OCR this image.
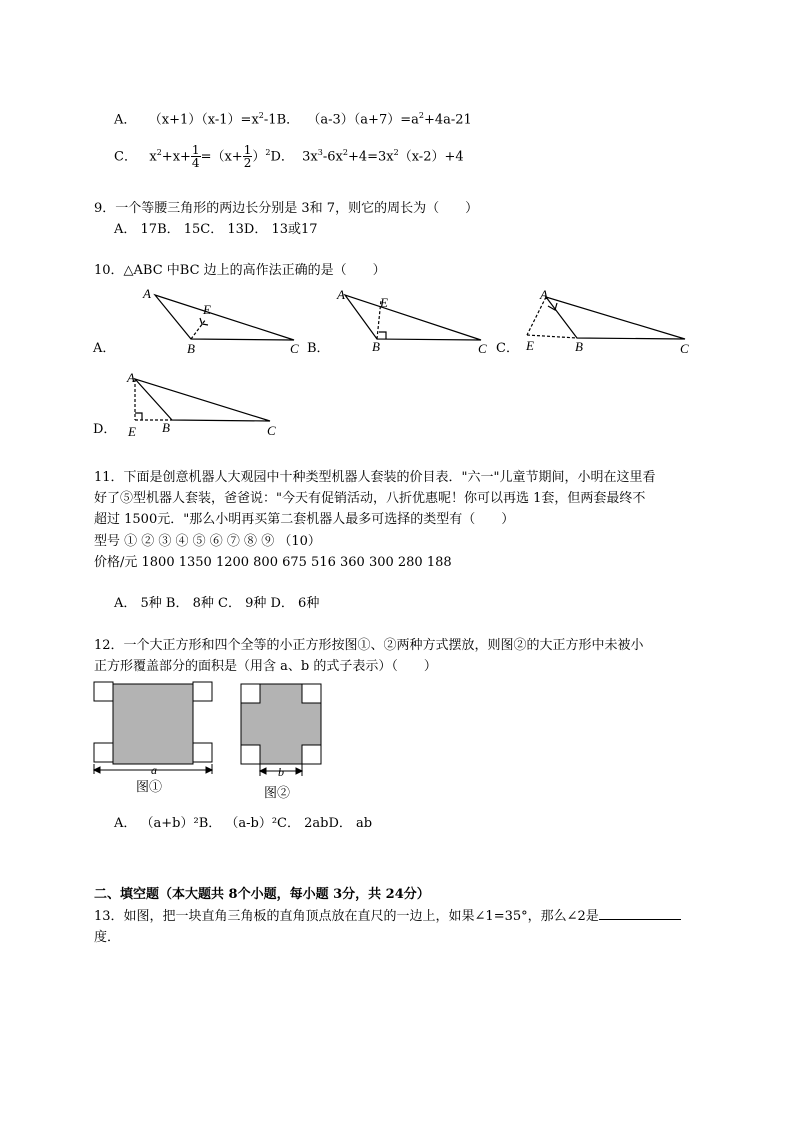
A． $(x+1)(x-1)=x^2-1B$． $(a-3)(a+7)=a^2+4a-21$
C． $x^2+x+ \frac{1}{4} =(x+ \frac{1}{2} )^2D$． $3x^3-6x^2+4=3x^2(x-2)+4$
9．一个等腰三角形的两边长分别是 3和 7，则它的周长为（　　）
A． 17B． 15C． 13D． 13或17
10．△ABC 中BC 边上的高作法正确的是（　　）
A
E
B	C
A
E
B	C
A
E	B	C
A
E B	C
A．	B．	C．
D．
11．下面是创意机器人大观园中十种类型机器人套装的价目表．"六一"儿童节期间，小明在这里看
好了⑤型机器人套装，爸爸说："今天有促销活动，八折优惠呢！你可以再选 1套，但两套最终不
超过 1500元．"那么小明再买第二套机器人最多可选择的类型有（　　）
型号 ① ② ③ ④ ⑤ ⑥ ⑦ ⑧ ⑨ （10）
价格/元 1800 1350 1200 800 675 516 360 300 280 188
A． 5种 B． 8种 C． 9种 D． 6种
12．一个大正方形和四个全等的小正方形按图①、②两种方式摆放，则图②的大正方形中未被小
正方形覆盖部分的面积是（用含 a、b 的式子表示）（　　）
a	b
图①	图②
A． （a+b）²B． （a-b）²C． 2abD． ab
二、填空题（本大题共 8个小题，每小题 3分，共 24分）
13．如图，把一块直角三角板的直角顶点放在直尺的一边上，如果∠1=35°，那么∠2是
度．
